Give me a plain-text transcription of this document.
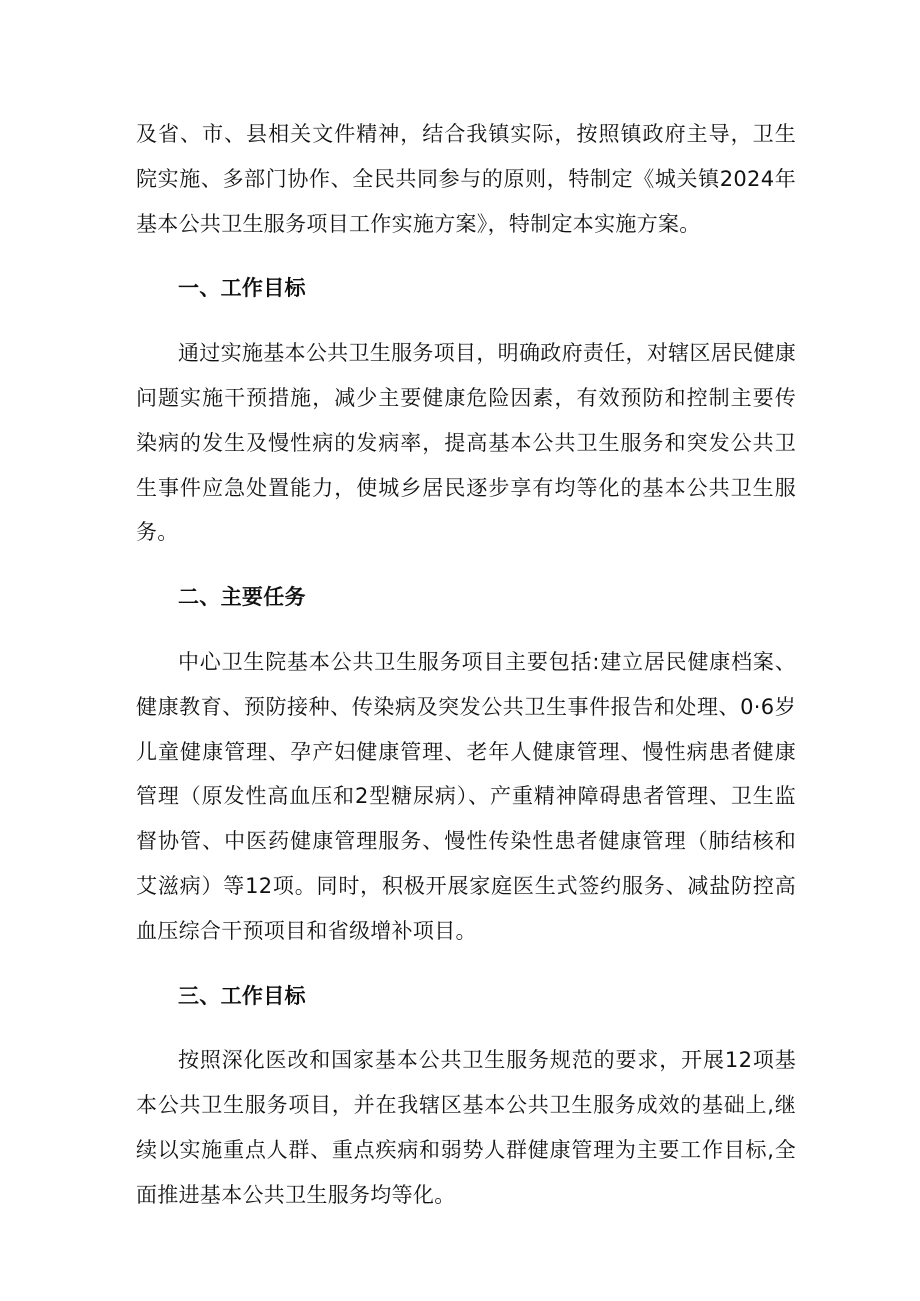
及省、市、县相关文件精神，结合我镇实际，按照镇政府主导，卫生院实施、多部门协作、全民共同参与的原则，特制定《城关镇2024年基本公共卫生服务项目工作实施方案》，特制定本实施方案。

一、工作目标

通过实施基本公共卫生服务项目，明确政府责任，对辖区居民健康问题实施干预措施，减少主要健康危险因素，有效预防和控制主要传染病的发生及慢性病的发病率，提高基本公共卫生服务和突发公共卫生事件应急处置能力，使城乡居民逐步享有均等化的基本公共卫生服务。

二、主要任务

中心卫生院基本公共卫生服务项目主要包括:建立居民健康档案、健康教育、预防接种、传染病及突发公共卫生事件报告和处理、0·6岁儿童健康管理、孕产妇健康管理、老年人健康管理、慢性病患者健康管理（原发性高血压和2型糖尿病）、产重精神障碍患者管理、卫生监督协管、中医药健康管理服务、慢性传染性患者健康管理（肺结核和艾滋病）等12项。同时，积极开展家庭医生式签约服务、减盐防控高血压综合干预项目和省级增补项目。

三、工作目标

按照深化医改和国家基本公共卫生服务规范的要求，开展12项基本公共卫生服务项目，并在我辖区基本公共卫生服务成效的基础上,继续以实施重点人群、重点疾病和弱势人群健康管理为主要工作目标,全面推进基本公共卫生服务均等化。
